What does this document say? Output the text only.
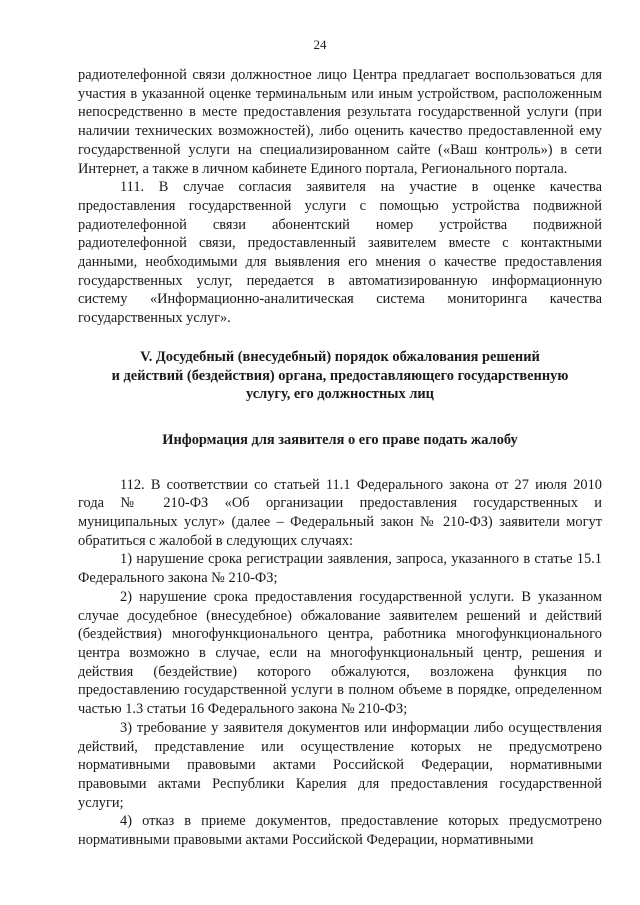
24

радиотелефонной связи должностное лицо Центра предлагает воспользоваться для участия в указанной оценке терминальным или иным устройством, расположенным непосредственно в месте предоставления результата государственной услуги (при наличии технических возможностей), либо оценить качество предоставленной ему государственной услуги на специализированном сайте («Ваш контроль») в сети Интернет, а также в личном кабинете Единого портала, Регионального портала.

111. В случае согласия заявителя на участие в оценке качества предоставления государственной услуги с помощью устройства подвижной радиотелефонной связи абонентский номер устройства подвижной радиотелефонной связи, предоставленный заявителем вместе с контактными данными, необходимыми для выявления его мнения о качестве предоставления государственных услуг, передается в автоматизированную информационную систему «Информационно-аналитическая система мониторинга качества государственных услуг».

V. Досудебный (внесудебный) порядок обжалования решений

и действий (бездействия) органа, предоставляющего государственную

услугу, его должностных лиц

Информация для заявителя о его праве подать жалобу

112. В соответствии со статьей 11.1 Федерального закона от 27 июля 2010 года № 210-ФЗ «Об организации предоставления государственных и муниципальных услуг» (далее – Федеральный закон № 210-ФЗ) заявители могут обратиться с жалобой в следующих случаях:

1) нарушение срока регистрации заявления, запроса, указанного в статье 15.1 Федерального закона № 210-ФЗ;

2) нарушение срока предоставления государственной услуги. В указанном случае досудебное (внесудебное) обжалование заявителем решений и действий (бездействия) многофункционального центра, работника многофункционального центра возможно в случае, если на многофункциональный центр, решения и действия (бездействие) которого обжалуются, возложена функция по предоставлению государственной услуги в полном объеме в порядке, определенном частью 1.3 статьи 16 Федерального закона № 210-ФЗ;

3) требование у заявителя документов или информации либо осуществления действий, представление или осуществление которых не предусмотрено нормативными правовыми актами Российской Федерации, нормативными правовыми актами Республики Карелия для предоставления государственной услуги;

4) отказ в приеме документов, предоставление которых предусмотрено нормативными правовыми актами Российской Федерации, нормативными
